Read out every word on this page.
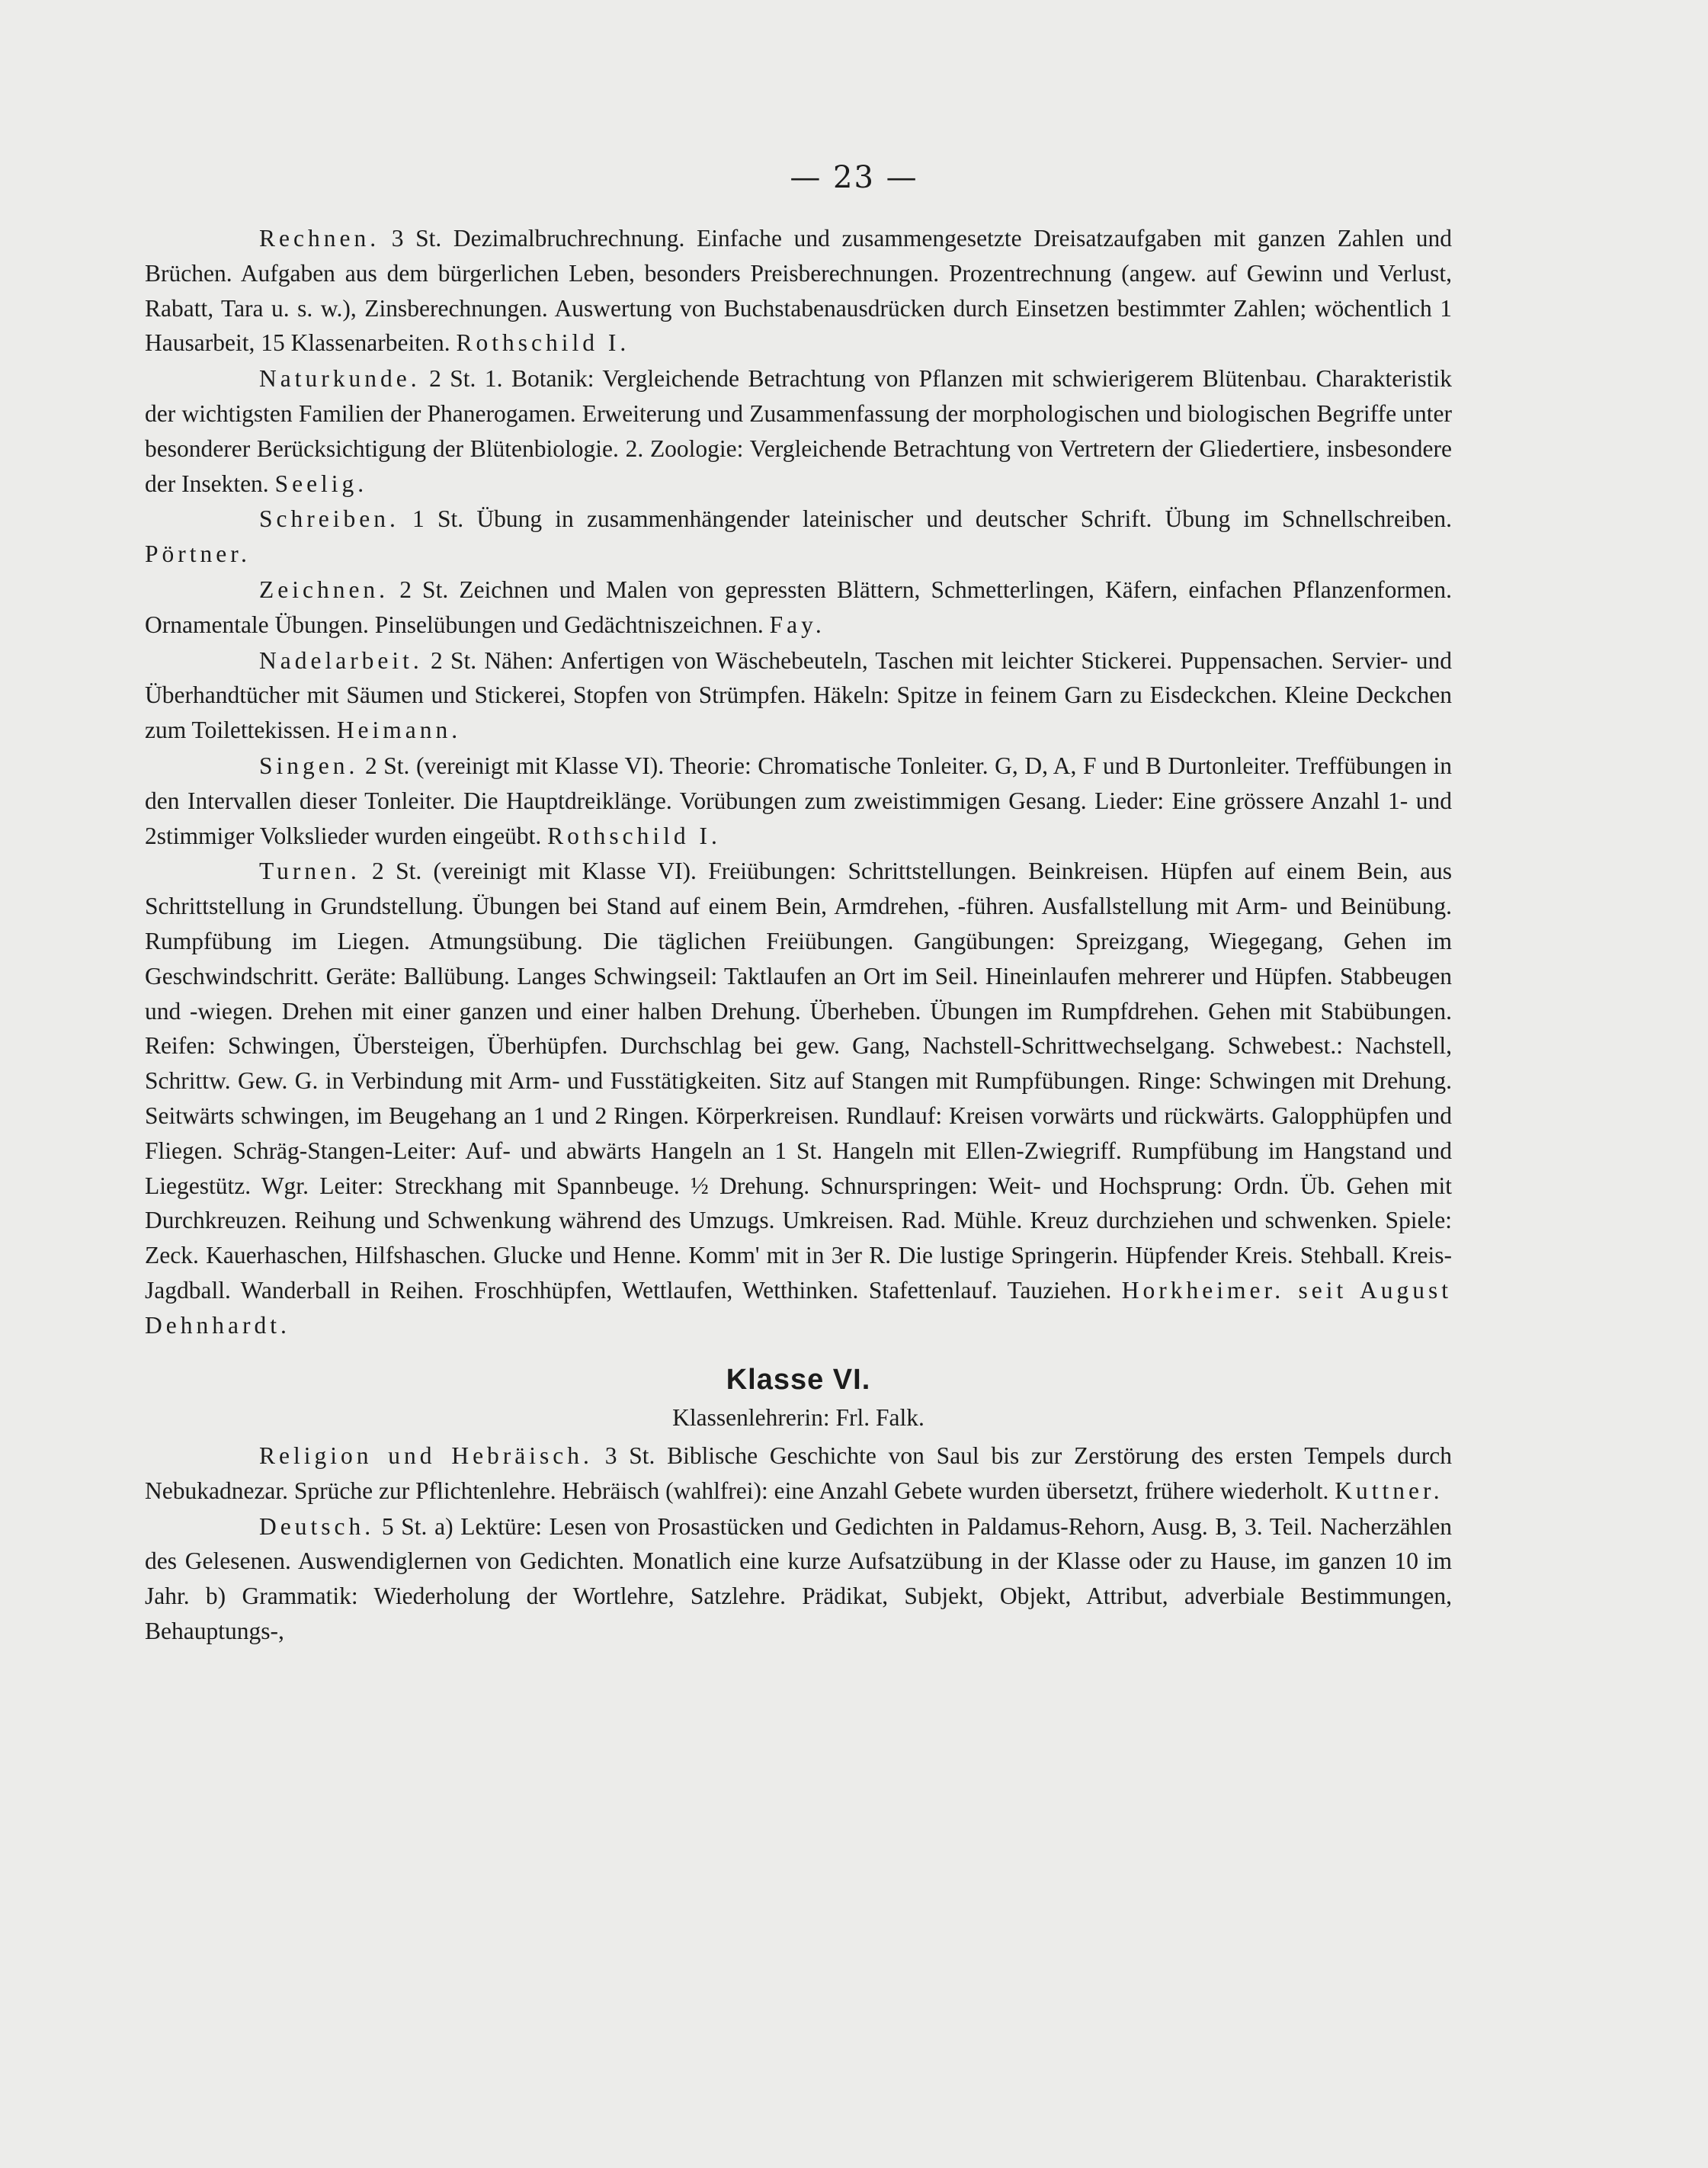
— 23 —

Rechnen. 3 St. Dezimalbruchrechnung. Einfache und zusammengesetzte Dreisatzaufgaben mit ganzen Zahlen und Brüchen. Aufgaben aus dem bürgerlichen Leben, besonders Preisberechnungen. Prozentrechnung (angew. auf Gewinn und Verlust, Rabatt, Tara u. s. w.), Zinsberechnungen. Auswertung von Buchstabenausdrücken durch Einsetzen bestimmter Zahlen; wöchentlich 1 Hausarbeit, 15 Klassenarbeiten. Rothschild I.

Naturkunde. 2 St. 1. Botanik: Vergleichende Betrachtung von Pflanzen mit schwierigerem Blütenbau. Charakteristik der wichtigsten Familien der Phanerogamen. Erweiterung und Zusammenfassung der morphologischen und biologischen Begriffe unter besonderer Berücksichtigung der Blütenbiologie. 2. Zoologie: Vergleichende Betrachtung von Vertretern der Gliedertiere, insbesondere der Insekten. Seelig.

Schreiben. 1 St. Übung in zusammenhängender lateinischer und deutscher Schrift. Übung im Schnellschreiben. Pörtner.

Zeichnen. 2 St. Zeichnen und Malen von gepressten Blättern, Schmetterlingen, Käfern, einfachen Pflanzenformen. Ornamentale Übungen. Pinselübungen und Gedächtniszeichnen. Fay.

Nadelarbeit. 2 St. Nähen: Anfertigen von Wäschebeuteln, Taschen mit leichter Stickerei. Puppensachen. Servier- und Überhandtücher mit Säumen und Stickerei, Stopfen von Strümpfen. Häkeln: Spitze in feinem Garn zu Eisdeckchen. Kleine Deckchen zum Toilettekissen. Heimann.

Singen. 2 St. (vereinigt mit Klasse VI). Theorie: Chromatische Tonleiter. G, D, A, F und B Durtonleiter. Treffübungen in den Intervallen dieser Tonleiter. Die Hauptdreiklänge. Vorübungen zum zweistimmigen Gesang. Lieder: Eine grössere Anzahl 1- und 2stimmiger Volkslieder wurden eingeübt. Rothschild I.

Turnen. 2 St. (vereinigt mit Klasse VI). Freiübungen: Schrittstellungen. Beinkreisen. Hüpfen auf einem Bein, aus Schrittstellung in Grundstellung. Übungen bei Stand auf einem Bein, Armdrehen, -führen. Ausfallstellung mit Arm- und Beinübung. Rumpfübung im Liegen. Atmungsübung. Die täglichen Freiübungen. Gangübungen: Spreizgang, Wiegegang, Gehen im Geschwindschritt. Geräte: Ballübung. Langes Schwingseil: Taktlaufen an Ort im Seil. Hineinlaufen mehrerer und Hüpfen. Stabbeugen und -wiegen. Drehen mit einer ganzen und einer halben Drehung. Überheben. Übungen im Rumpfdrehen. Gehen mit Stabübungen. Reifen: Schwingen, Übersteigen, Überhüpfen. Durchschlag bei gew. Gang, Nachstell-Schrittwechselgang. Schwebest.: Nachstell, Schrittw. Gew. G. in Verbindung mit Arm- und Fusstätigkeiten. Sitz auf Stangen mit Rumpfübungen. Ringe: Schwingen mit Drehung. Seitwärts schwingen, im Beugehang an 1 und 2 Ringen. Körperkreisen. Rundlauf: Kreisen vorwärts und rückwärts. Galopphüpfen und Fliegen. Schräg-Stangen-Leiter: Auf- und abwärts Hangeln an 1 St. Hangeln mit Ellen-Zwiegriff. Rumpfübung im Hangstand und Liegestütz. Wgr. Leiter: Streckhang mit Spannbeuge. ½ Drehung. Schnurspringen: Weit- und Hochsprung: Ordn. Üb. Gehen mit Durchkreuzen. Reihung und Schwenkung während des Umzugs. Umkreisen. Rad. Mühle. Kreuz durchziehen und schwenken. Spiele: Zeck. Kauerhaschen, Hilfshaschen. Glucke und Henne. Komm' mit in 3er R. Die lustige Springerin. Hüpfender Kreis. Stehball. Kreis-Jagdball. Wanderball in Reihen. Froschhüpfen, Wettlaufen, Wetthinken. Stafettenlauf. Tauziehen. Horkheimer. seit August Dehnhardt.

Klasse VI.
Klassenlehrerin: Frl. Falk.

Religion und Hebräisch. 3 St. Biblische Geschichte von Saul bis zur Zerstörung des ersten Tempels durch Nebukadnezar. Sprüche zur Pflichtenlehre. Hebräisch (wahlfrei): eine Anzahl Gebete wurden übersetzt, frühere wiederholt. Kuttner.

Deutsch. 5 St. a) Lektüre: Lesen von Prosastücken und Gedichten in Paldamus-Rehorn, Ausg. B, 3. Teil. Nacherzählen des Gelesenen. Auswendiglernen von Gedichten. Monatlich eine kurze Aufsatzübung in der Klasse oder zu Hause, im ganzen 10 im Jahr. b) Grammatik: Wiederholung der Wortlehre, Satzlehre. Prädikat, Subjekt, Objekt, Attribut, adverbiale Bestimmungen, Behauptungs-,
